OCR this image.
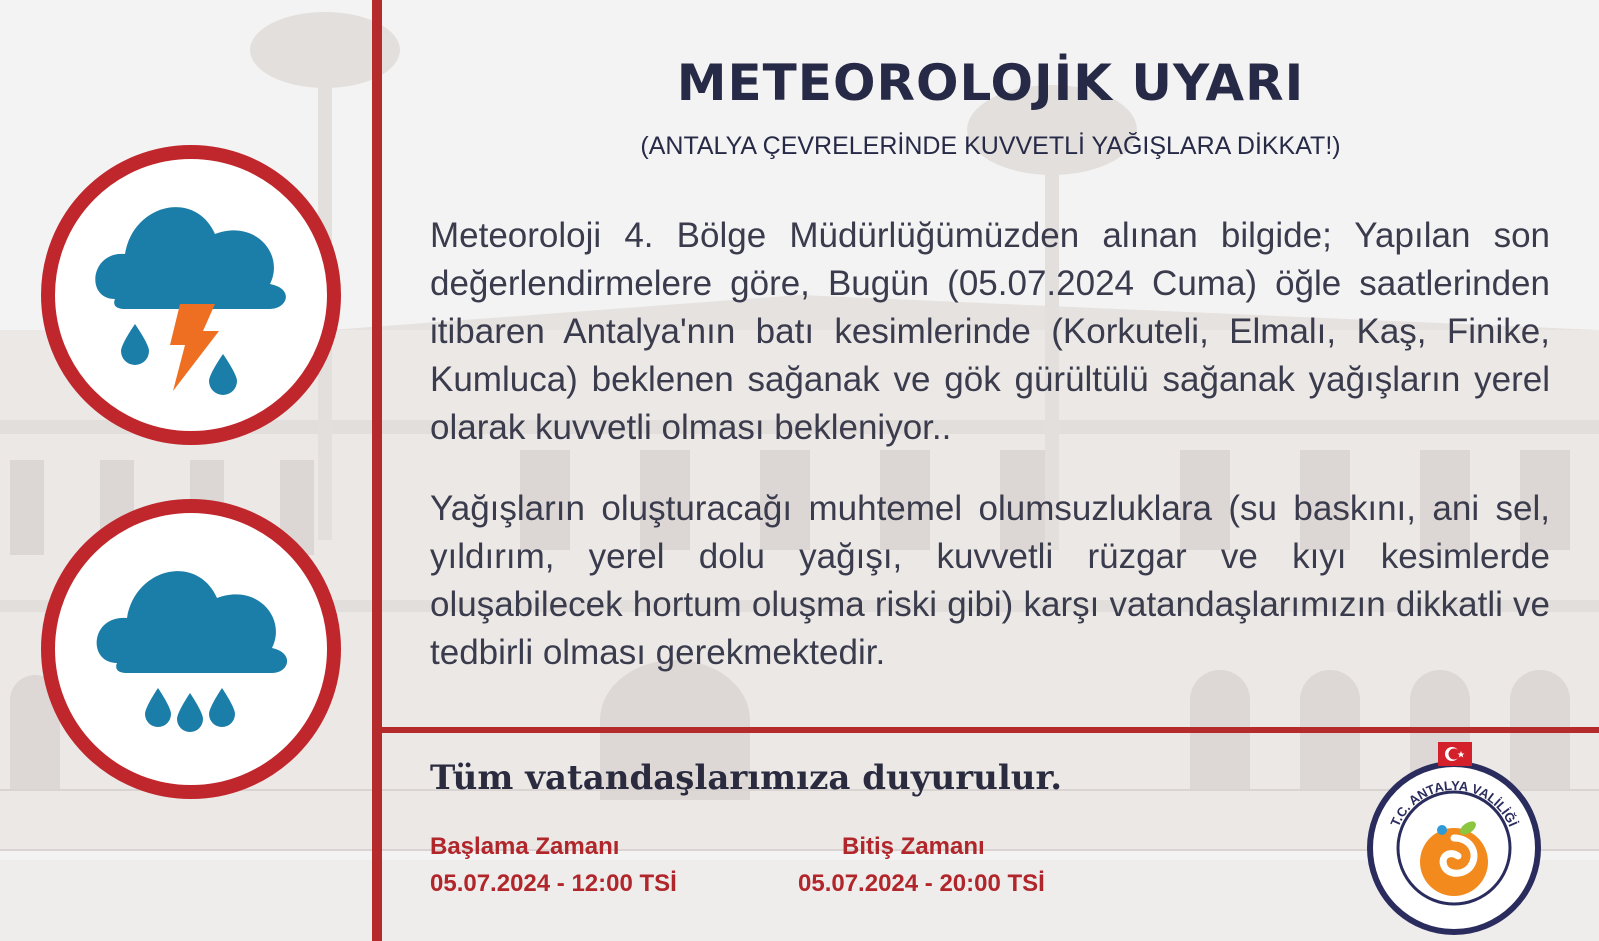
METEOROLOJİK UYARI
(ANTALYA ÇEVRELERİNDE KUVVETLİ YAĞIŞLARA DİKKAT!)

Meteoroloji 4. Bölge Müdürlüğümüzden alınan bilgide; Yapılan son değerlendirmelere göre, Bugün (05.07.2024 Cuma) öğle saatlerinden itibaren Antalya'nın batı kesimlerinde (Korkuteli, Elmalı, Kaş, Finike, Kumluca) beklenen sağanak ve gök gürültülü sağanak yağışların yerel olarak kuvvetli olması bekleniyor..

Yağışların oluşturacağı muhtemel olumsuzluklara (su baskını, ani sel, yıldırım, yerel dolu yağışı, kuvvetli rüzgar ve kıyı kesimlerde oluşabilecek hortum oluşma riski gibi) karşı vatandaşlarımızın dikkatli ve tedbirli olması gerekmektedir.

Tüm vatandaşlarımıza duyurulur.
Başlama Zamanı
05.07.2024 - 12:00 TSİ
Bitiş Zamanı
05.07.2024 - 20:00 TSİ
T.C. ANTALYA VALİLİĞİ
